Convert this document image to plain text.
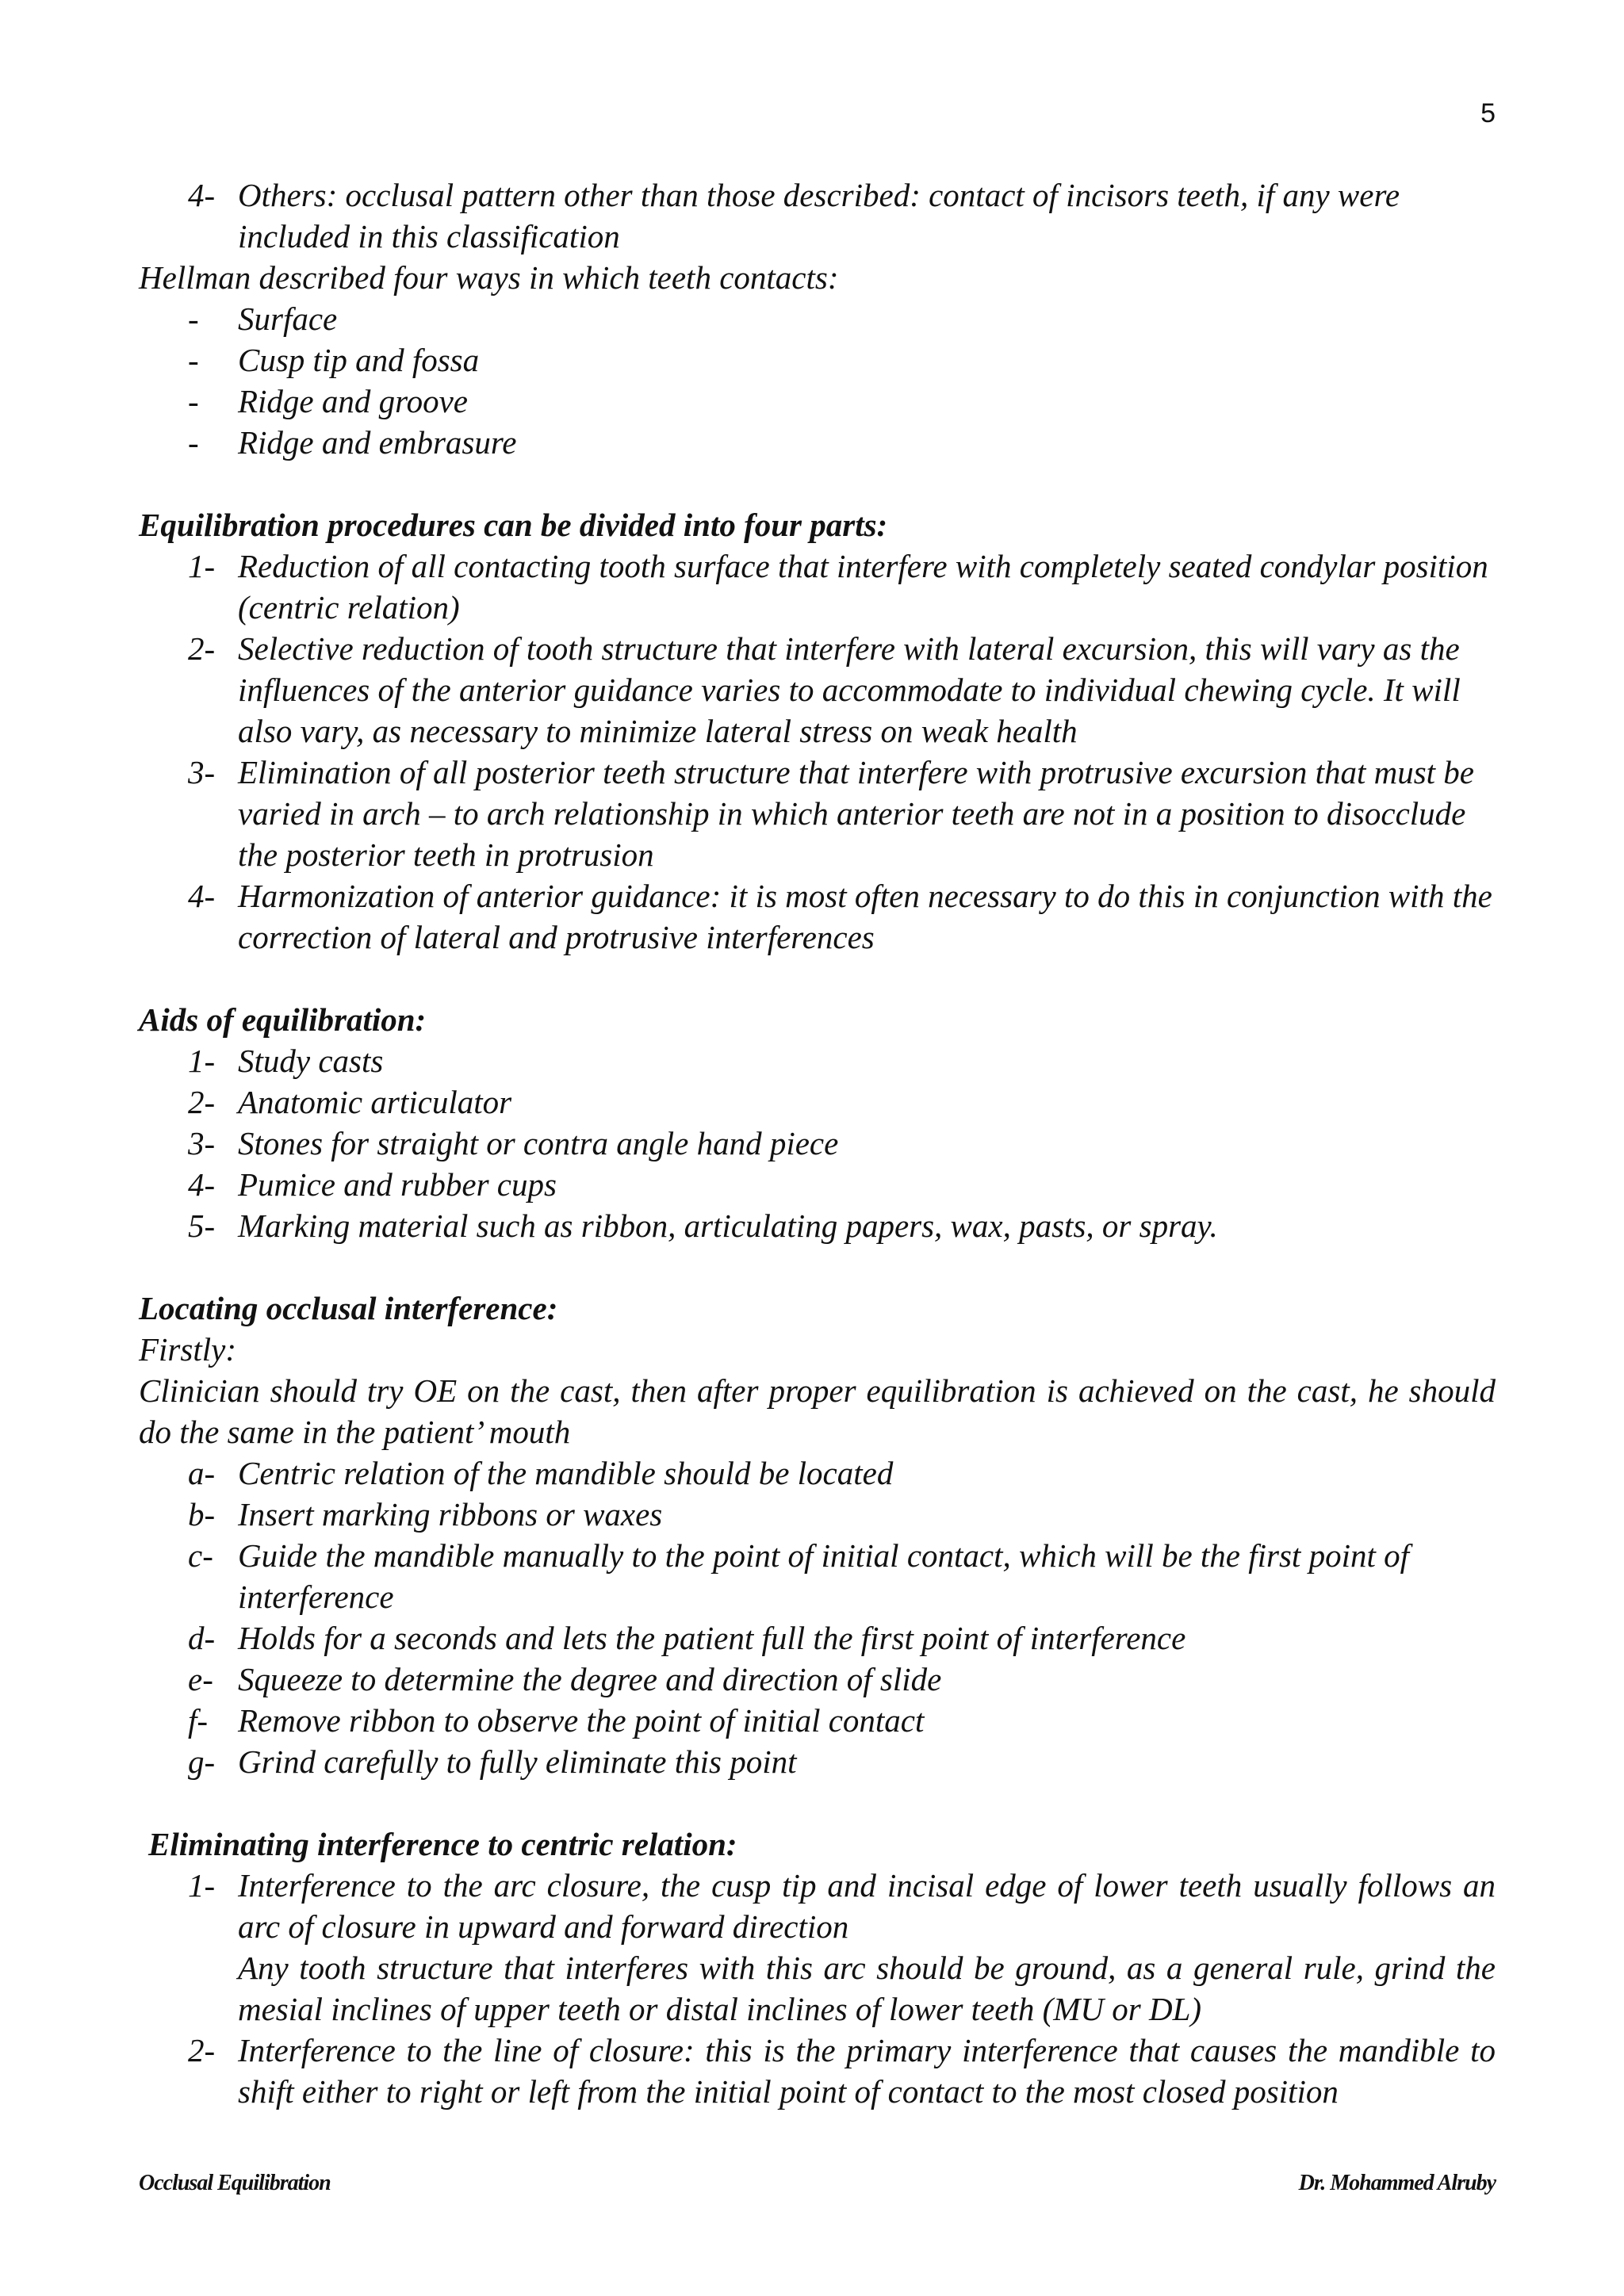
5
4- Others: occlusal pattern other than those described: contact of incisors teeth, if any were included in this classification
Hellman described four ways in which teeth contacts:
- Surface
- Cusp tip and fossa
- Ridge and groove
- Ridge and embrasure
Equilibration procedures can be divided into four parts:
1- Reduction of all contacting tooth surface that interfere with completely seated condylar position (centric relation)
2- Selective reduction of tooth structure that interfere with lateral excursion, this will vary as the influences of the anterior guidance varies to accommodate to individual chewing cycle. It will also vary, as necessary to minimize lateral stress on weak health
3- Elimination of all posterior teeth structure that interfere with protrusive excursion that must be varied in arch – to arch relationship in which anterior teeth are not in a position to disocclude the posterior teeth in protrusion
4- Harmonization of anterior guidance: it is most often necessary to do this in conjunction with the correction of lateral and protrusive interferences
Aids of equilibration:
1- Study casts
2- Anatomic articulator
3- Stones for straight or contra angle hand piece
4- Pumice and rubber cups
5- Marking material such as ribbon, articulating papers, wax, pasts, or spray.
Locating occlusal interference:
Firstly:
Clinician should try OE on the cast, then after proper equilibration is achieved on the cast, he should do the same in the patient’ mouth
a- Centric relation of the mandible should be located
b- Insert marking ribbons or waxes
c- Guide the mandible manually to the point of initial contact, which will be the first point of interference
d- Holds for a seconds and lets the patient full the first point of interference
e- Squeeze to determine the degree and direction of slide
f- Remove ribbon to observe the point of initial contact
g- Grind carefully to fully eliminate this point
Eliminating interference to centric relation:
1- Interference to the arc closure, the cusp tip and incisal edge of lower teeth usually follows an arc of closure in upward and forward direction
Any tooth structure that interferes with this arc should be ground, as a general rule, grind the mesial inclines of upper teeth or distal inclines of lower teeth (MU or DL)
2- Interference to the line of closure: this is the primary interference that causes the mandible to shift either to right or left from the initial point of contact to the most closed position
Occlusal Equilibration	Dr. Mohammed Alruby
